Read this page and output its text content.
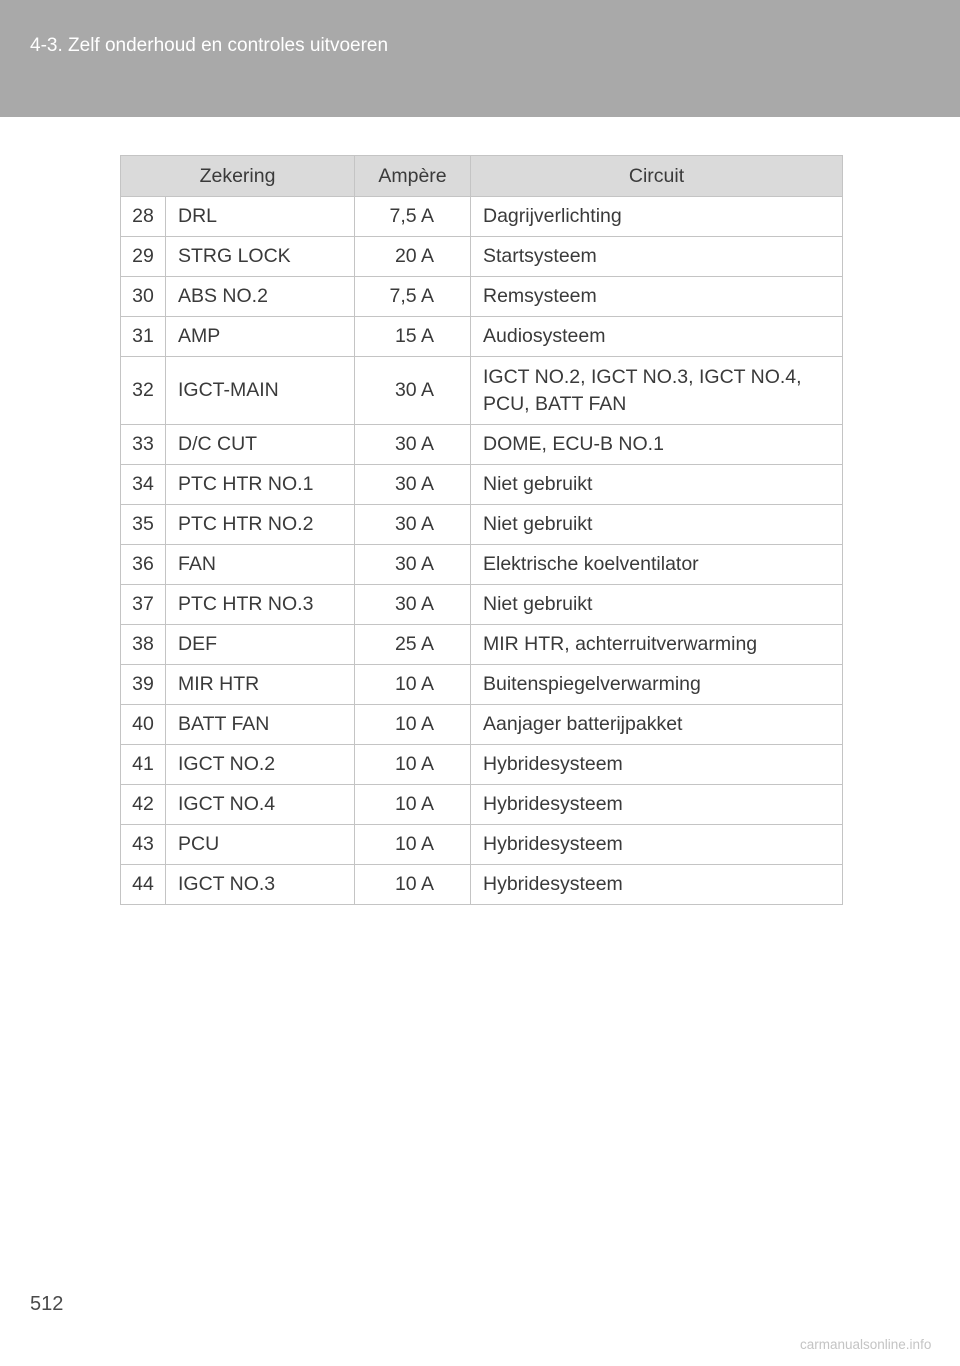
4-3. Zelf onderhoud en controles uitvoeren
Zekering		Ampère	Circuit
28	DRL	7,5 A	Dagrijverlichting
29	STRG LOCK	20 A	Startsysteem
30	ABS NO.2	7,5 A	Remsysteem
31	AMP	15 A	Audiosysteem
32	IGCT-MAIN	30 A	IGCT NO.2, IGCT NO.3, IGCT NO.4, PCU, BATT FAN
33	D/C CUT	30 A	DOME, ECU-B NO.1
34	PTC HTR NO.1	30 A	Niet gebruikt
35	PTC HTR NO.2	30 A	Niet gebruikt
36	FAN	30 A	Elektrische koelventilator
37	PTC HTR NO.3	30 A	Niet gebruikt
38	DEF	25 A	MIR HTR, achterruitverwarming
39	MIR HTR	10 A	Buitenspiegelverwarming
40	BATT FAN	10 A	Aanjager batterijpakket
41	IGCT NO.2	10 A	Hybridesysteem
42	IGCT NO.4	10 A	Hybridesysteem
43	PCU	10 A	Hybridesysteem
44	IGCT NO.3	10 A	Hybridesysteem
512
carmanualsonline.info
